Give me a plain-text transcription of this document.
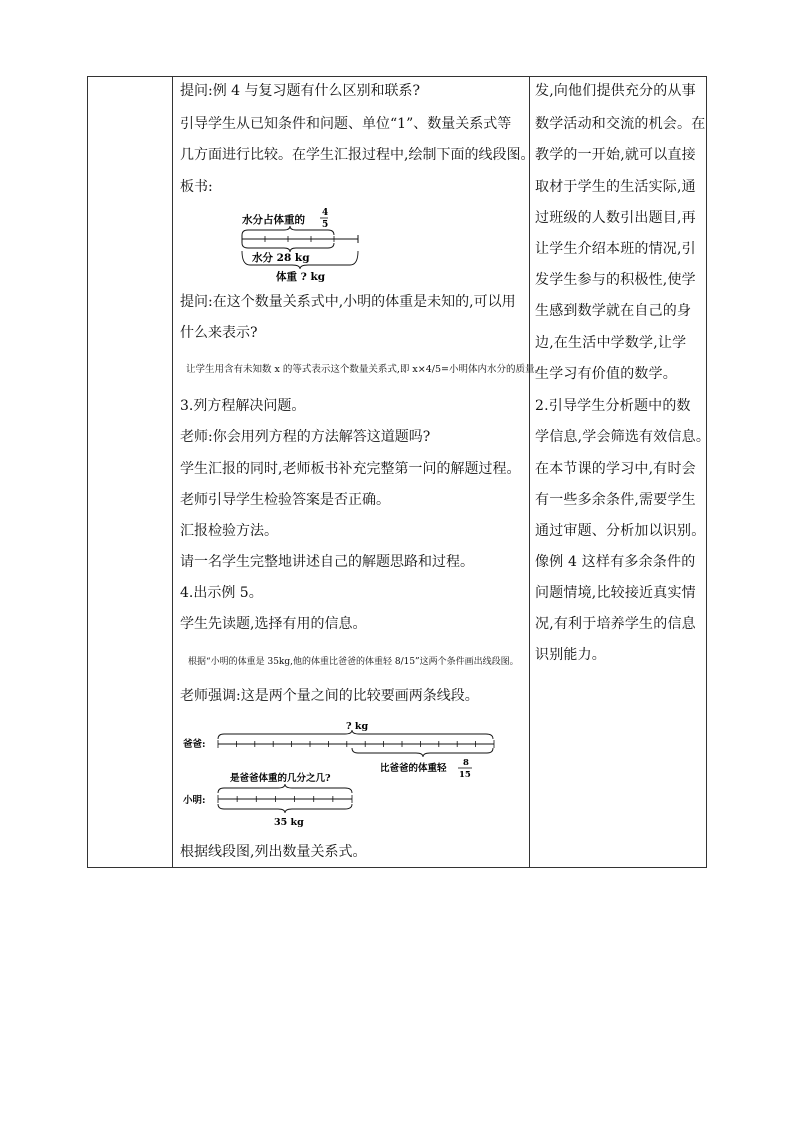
提问:例 4 与复习题有什么区别和联系?
引导学生从已知条件和问题、单位“1”、数量关系式等
几方面进行比较。在学生汇报过程中,绘制下面的线段图。
板书:
水分占体重的
4
5
水分 28 kg
体重 ? kg
提问:在这个数量关系式中,小明的体重是未知的,可以用
什么来表示?
让学生用含有未知数 x 的等式表示这个数量关系式,即 x×4/5=小明体内水分的质量。
3.列方程解决问题。
老师:你会用列方程的方法解答这道题吗?
学生汇报的同时,老师板书补充完整第一问的解题过程。
老师引导学生检验答案是否正确。
汇报检验方法。
请一名学生完整地讲述自己的解题思路和过程。
4.出示例 5。
学生先读题,选择有用的信息。
根据“小明的体重是 35kg,他的体重比爸爸的体重轻 8/15”这两个条件画出线段图。
老师强调:这是两个量之间的比较要画两条线段。
? kg
爸爸:
比爸爸的体重轻 8
15
是爸爸体重的几分之几?
小明:
35 kg
根据线段图,列出数量关系式。
发,向他们提供充分的从事
数学活动和交流的机会。在
教学的一开始,就可以直接
取材于学生的生活实际,通
过班级的人数引出题目,再
让学生介绍本班的情况,引
发学生参与的积极性,使学
生感到数学就在自己的身
边,在生活中学数学,让学
生学习有价值的数学。
2.引导学生分析题中的数
学信息,学会筛选有效信息。
在本节课的学习中,有时会
有一些多余条件,需要学生
通过审题、分析加以识别。
像例 4 这样有多余条件的
问题情境,比较接近真实情
况,有利于培养学生的信息
识别能力。
